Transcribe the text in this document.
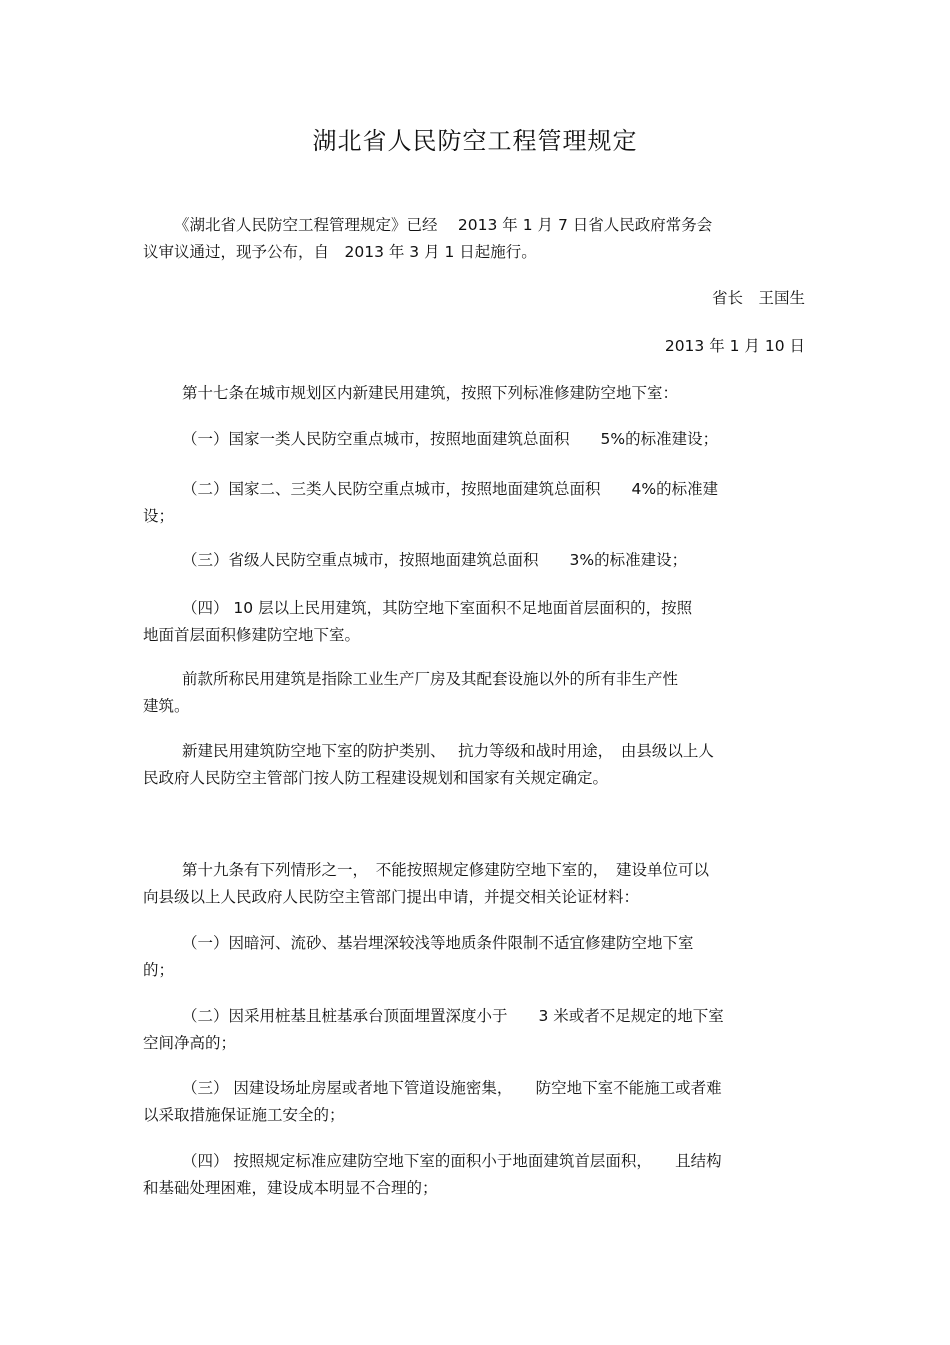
湖北省人民防空工程管理规定
《湖北省人民防空工程管理规定》已经　 2013 年 1 月 7 日省人民政府常务会
议审议通过，现予公布，自　2013 年 3 月 1 日起施行。
省长　王国生
2013 年 1 月 10 日
第十七条在城市规划区内新建民用建筑，按照下列标准修建防空地下室：
（一）国家一类人民防空重点城市，按照地面建筑总面积　　5%的标准建设；
（二）国家二、三类人民防空重点城市，按照地面建筑总面积　　4%的标准建
设；
（三）省级人民防空重点城市，按照地面建筑总面积　　3%的标准建设；
（四） 10 层以上民用建筑，其防空地下室面积不足地面首层面积的，按照
地面首层面积修建防空地下室。
前款所称民用建筑是指除工业生产厂房及其配套设施以外的所有非生产性
建筑。
新建民用建筑防空地下室的防护类别、　 抗力等级和战时用途，　由县级以上人
民政府人民防空主管部门按人防工程建设规划和国家有关规定确定。
第十九条有下列情形之一，　不能按照规定修建防空地下室的，　建设单位可以
向县级以上人民政府人民防空主管部门提出申请，并提交相关论证材料：
（一）因暗河、流砂、基岩埋深较浅等地质条件限制不适宜修建防空地下室
的；
（二）因采用桩基且桩基承台顶面埋置深度小于　　3 米或者不足规定的地下室
空间净高的；
（三） 因建设场址房屋或者地下管道设施密集，　　防空地下室不能施工或者难
以采取措施保证施工安全的；
（四） 按照规定标准应建防空地下室的面积小于地面建筑首层面积，　　且结构
和基础处理困难，建设成本明显不合理的；
